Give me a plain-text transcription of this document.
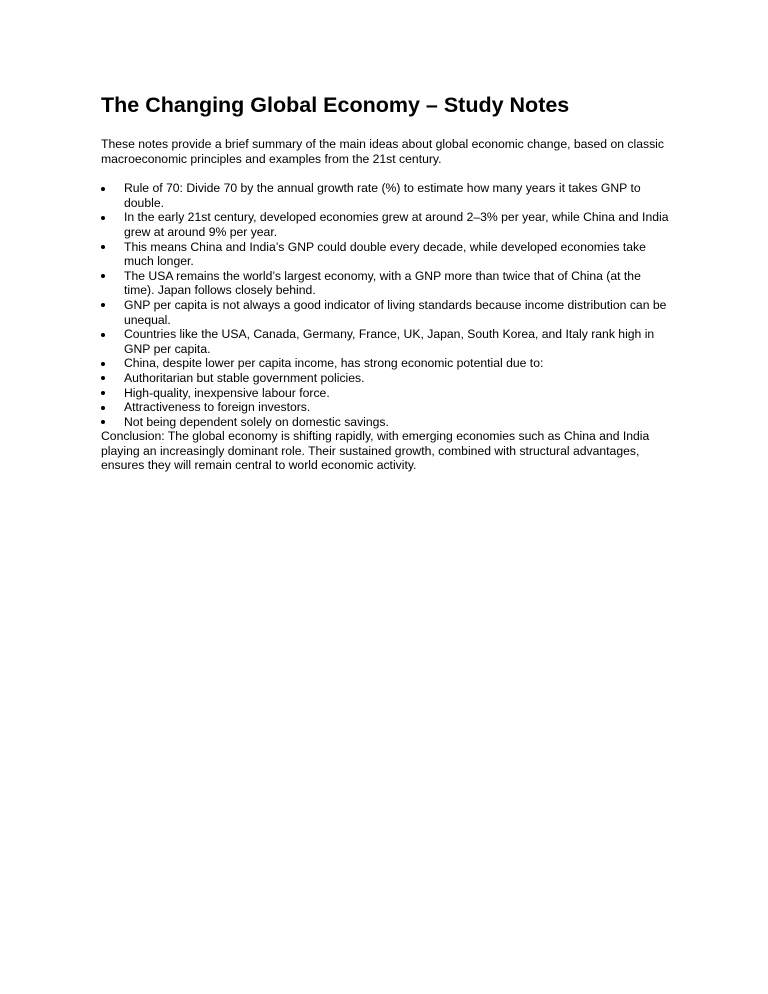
The Changing Global Economy – Study Notes

These notes provide a brief summary of the main ideas about global economic change, based on classic macroeconomic principles and examples from the 21st century.

Rule of 70: Divide 70 by the annual growth rate (%) to estimate how many years it takes GNP to double.
In the early 21st century, developed economies grew at around 2–3% per year, while China and India grew at around 9% per year.
This means China and India’s GNP could double every decade, while developed economies take much longer.
The USA remains the world’s largest economy, with a GNP more than twice that of China (at the time). Japan follows closely behind.
GNP per capita is not always a good indicator of living standards because income distribution can be unequal.
Countries like the USA, Canada, Germany, France, UK, Japan, South Korea, and Italy rank high in GNP per capita.
China, despite lower per capita income, has strong economic potential due to:
Authoritarian but stable government policies.
High-quality, inexpensive labour force.
Attractiveness to foreign investors.
Not being dependent solely on domestic savings.

Conclusion: The global economy is shifting rapidly, with emerging economies such as China and India playing an increasingly dominant role. Their sustained growth, combined with structural advantages, ensures they will remain central to world economic activity.
